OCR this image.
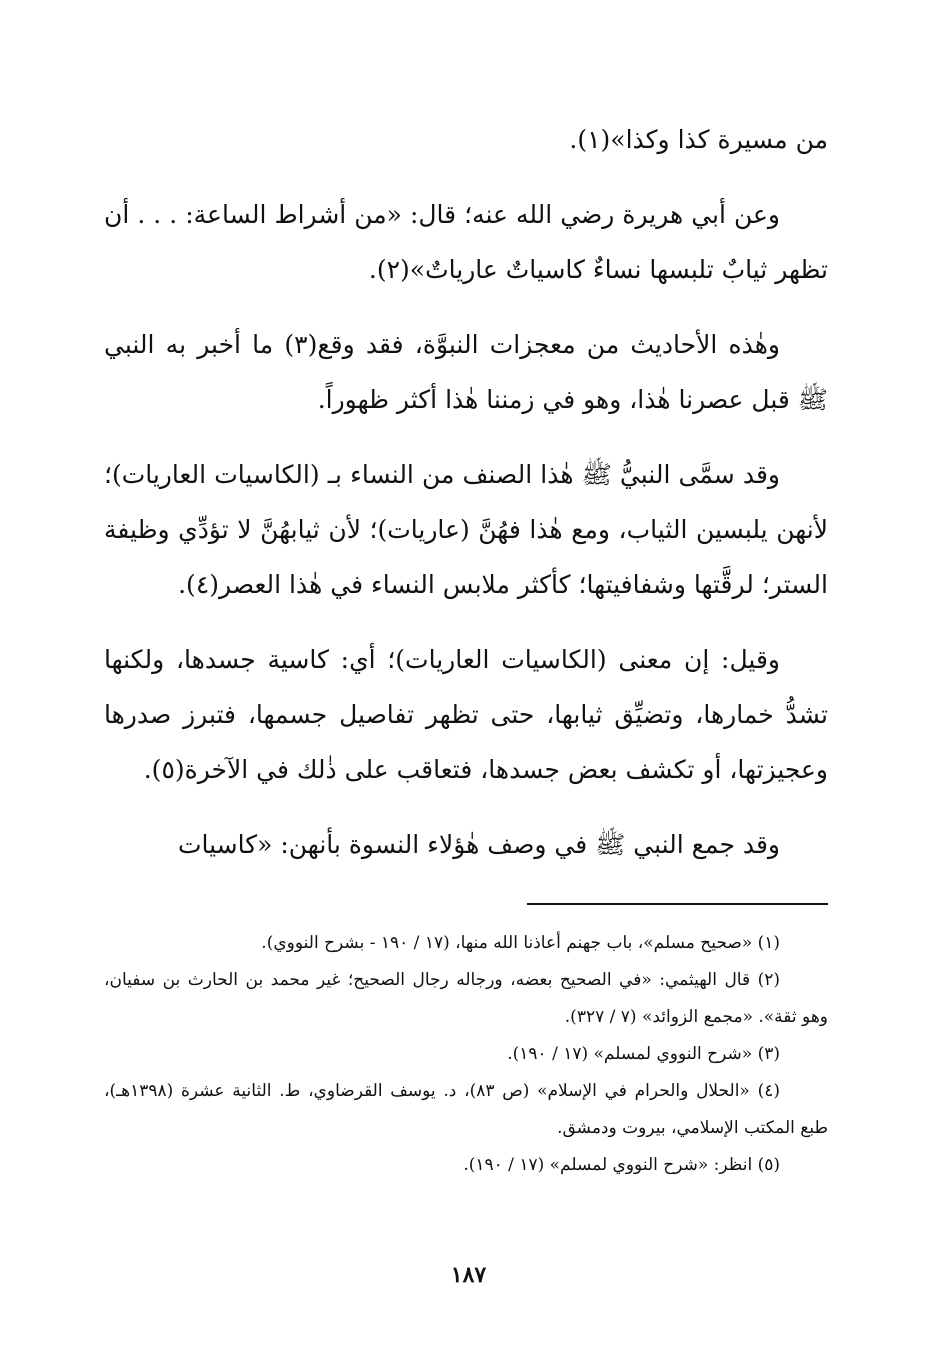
من مسيرة كذا وكذا»(١).

وعن أبي هريرة رضي الله عنه؛ قال: «من أشراط الساعة: . . . أن تظهر ثيابٌ تلبسها نساءٌ كاسياتٌ عارياتٌ»(٢).

وهٰذه الأحاديث من معجزات النبوَّة، فقد وقع(٣) ما أخبر به النبي ﷺ قبل عصرنا هٰذا، وهو في زمننا هٰذا أكثر ظهوراً.

وقد سمَّى النبيُّ ﷺ هٰذا الصنف من النساء بـ (الكاسيات العاريات)؛ لأنهن يلبسين الثياب، ومع هٰذا فهُنَّ (عاريات)؛ لأن ثيابهُنَّ لا تؤدِّي وظيفة الستر؛ لرقَّتها وشفافيتها؛ كأكثر ملابس النساء في هٰذا العصر(٤).

وقيل: إن معنى (الكاسيات العاريات)؛ أي: كاسية جسدها، ولكنها تشدُّ خمارها، وتضيِّق ثيابها، حتى تظهر تفاصيل جسمها، فتبرز صدرها وعجيزتها، أو تكشف بعض جسدها، فتعاقب على ذٰلك في الآخرة(٥).

وقد جمع النبي ﷺ في وصف هٰؤلاء النسوة بأنهن: «كاسيات

(١) «صحيح مسلم»، باب جهنم أعاذنا الله منها، (١٧ / ١٩٠ - بشرح النووي).

(٢) قال الهيثمي: «في الصحيح بعضه، ورجاله رجال الصحيح؛ غير محمد بن الحارث بن سفيان، وهو ثقة». «مجمع الزوائد» (٧ / ٣٢٧).

(٣) «شرح النووي لمسلم» (١٧ / ١٩٠).

(٤) «الحلال والحرام في الإسلام» (ص ٨٣)، د. يوسف القرضاوي، ط. الثانية عشرة (١٣٩٨هـ)، طبع المكتب الإسلامي، بيروت ودمشق.

(٥) انظر: «شرح النووي لمسلم» (١٧ / ١٩٠).

١٨٧
